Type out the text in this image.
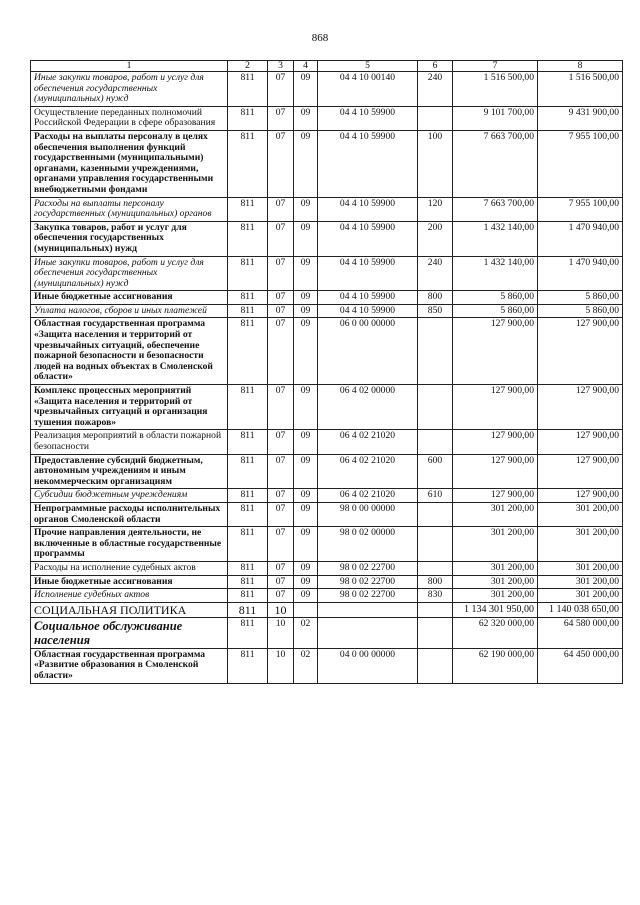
868
1	2	3	4	5	6	7	8
Иные закупки товаров, работ и услуг для обеспечения государственных (муниципальных) нужд	811	07	09	04 4 10 00140	240	1 516 500,00	1 516 500,00
Осуществление переданных полномочий Российской Федерации в сфере образования	811	07	09	04 4 10 59900		9 101 700,00	9 431 900,00
Расходы на выплаты персоналу в целях обеспечения выполнения функций государственными (муниципальными) органами, казенными учреждениями, органами управления государственными внебюджетными фондами	811	07	09	04 4 10 59900	100	7 663 700,00	7 955 100,00
Расходы на выплаты персоналу государственных (муниципальных) органов	811	07	09	04 4 10 59900	120	7 663 700,00	7 955 100,00
Закупка товаров, работ и услуг для обеспечения государственных (муниципальных) нужд	811	07	09	04 4 10 59900	200	1 432 140,00	1 470 940,00
Иные закупки товаров, работ и услуг для обеспечения государственных (муниципальных) нужд	811	07	09	04 4 10 59900	240	1 432 140,00	1 470 940,00
Иные бюджетные ассигнования	811	07	09	04 4 10 59900	800	5 860,00	5 860,00
Уплата налогов, сборов и иных платежей	811	07	09	04 4 10 59900	850	5 860,00	5 860,00
Областная государственная программа «Защита населения и территорий от чрезвычайных ситуаций, обеспечение пожарной безопасности и безопасности людей на водных объектах в Смоленской области»	811	07	09	06 0 00 00000		127 900,00	127 900,00
Комплекс процессных мероприятий «Защита населения и территорий от чрезвычайных ситуаций и организация тушения пожаров»	811	07	09	06 4 02 00000		127 900,00	127 900,00
Реализация мероприятий в области пожарной безопасности	811	07	09	06 4 02 21020		127 900,00	127 900,00
Предоставление субсидий бюджетным, автономным учреждениям и иным некоммерческим организациям	811	07	09	06 4 02 21020	600	127 900,00	127 900,00
Субсидии бюджетным учреждениям	811	07	09	06 4 02 21020	610	127 900,00	127 900,00
Непрограммные расходы исполнительных органов Смоленской области	811	07	09	98 0 00 00000		301 200,00	301 200,00
Прочие направления деятельности, не включенные в областные государственные программы	811	07	09	98 0 02 00000		301 200,00	301 200,00
Расходы на исполнение судебных актов	811	07	09	98 0 02 22700		301 200,00	301 200,00
Иные бюджетные ассигнования	811	07	09	98 0 02 22700	800	301 200,00	301 200,00
Исполнение судебных актов	811	07	09	98 0 02 22700	830	301 200,00	301 200,00
СОЦИАЛЬНАЯ ПОЛИТИКА	811	10				1 134 301 950,00	1 140 038 650,00
Социальное обслуживание населения	811	10	02			62 320 000,00	64 580 000,00
Областная государственная программа «Развитие образования в Смоленской области»	811	10	02	04 0 00 00000		62 190 000,00	64 450 000,00
